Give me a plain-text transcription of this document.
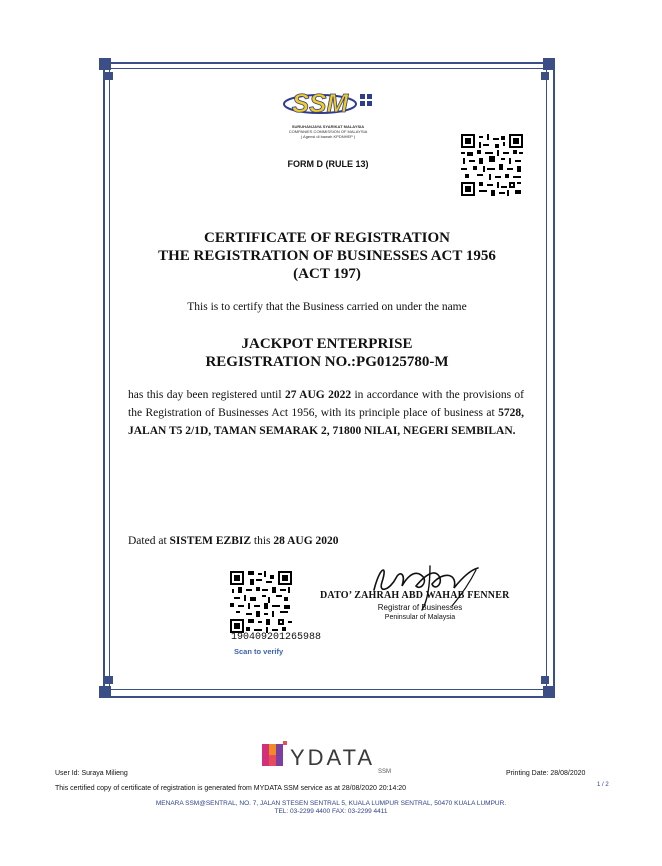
SSM
SURUHANJAYA SYARIKAT MALAYSIA
COMPANIES COMMISSION OF MALAYSIA
( Agensi di bawah KPDNHEP )
FORM D (RULE 13)
CERTIFICATE OF REGISTRATION
THE REGISTRATION OF BUSINESSES ACT 1956
(ACT 197)
This is to certify that the Business carried on under the name
JACKPOT ENTERPRISE
REGISTRATION NO.:PG0125780-M
has this day been registered until 27 AUG 2022 in accordance with the provisions of the Registration of Businesses Act 1956, with its principle place of business at 5728, JALAN T5 2/1D, TAMAN SEMARAK 2, 71800 NILAI, NEGERI SEMBILAN.
Dated at SISTEM EZBIZ this 28 AUG 2020
190409201265988
Scan to verify
DATO’ ZAHRAH ABD WAHAB FENNER
Registrar of Businesses
Peninsular of Malaysia
YDATA
SSM
User Id: Suraya Milieng	Printing Date: 28/08/2020
This certified copy of certificate of registration is generated from MYDATA SSM service as at 28/08/2020 20:14:20	1 / 2
MENARA SSM@SENTRAL, NO. 7, JALAN STESEN SENTRAL 5, KUALA LUMPUR SENTRAL, 50470 KUALA LUMPUR.
TEL: 03-2299 4400 FAX: 03-2299 4411
